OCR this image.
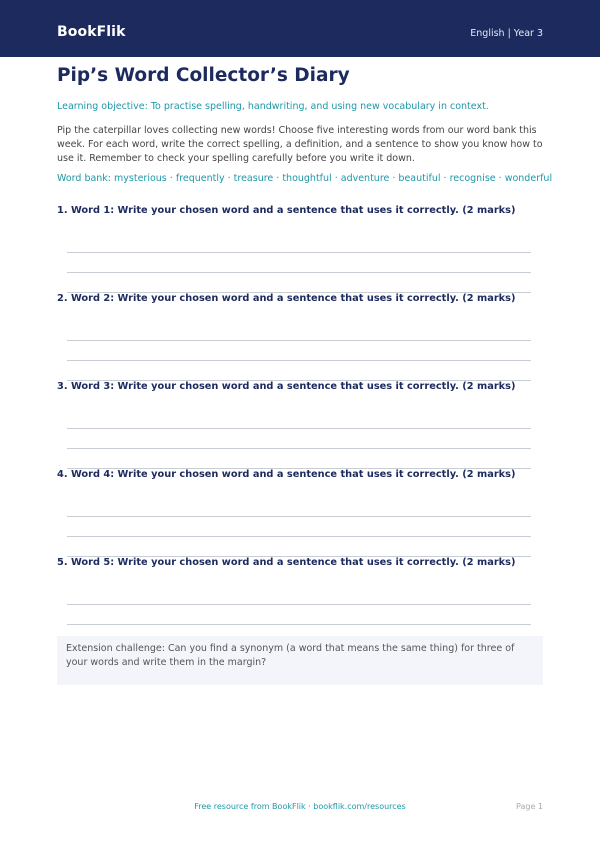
BookFlik	English | Year 3
Pip’s Word Collector’s Diary
Learning objective: To practise spelling, handwriting, and using new vocabulary in context.
Pip the caterpillar loves collecting new words! Choose five interesting words from our word bank this week. For each word, write the correct spelling, a definition, and a sentence to show you know how to use it. Remember to check your spelling carefully before you write it down.
Word bank: mysterious · frequently · treasure · thoughtful · adventure · beautiful · recognise · wonderful
1. Word 1: Write your chosen word and a sentence that uses it correctly. (2 marks)
2. Word 2: Write your chosen word and a sentence that uses it correctly. (2 marks)
3. Word 3: Write your chosen word and a sentence that uses it correctly. (2 marks)
4. Word 4: Write your chosen word and a sentence that uses it correctly. (2 marks)
5. Word 5: Write your chosen word and a sentence that uses it correctly. (2 marks)
Extension challenge: Can you find a synonym (a word that means the same thing) for three of your words and write them in the margin?
Free resource from BookFlik · bookflik.com/resources	Page 1
